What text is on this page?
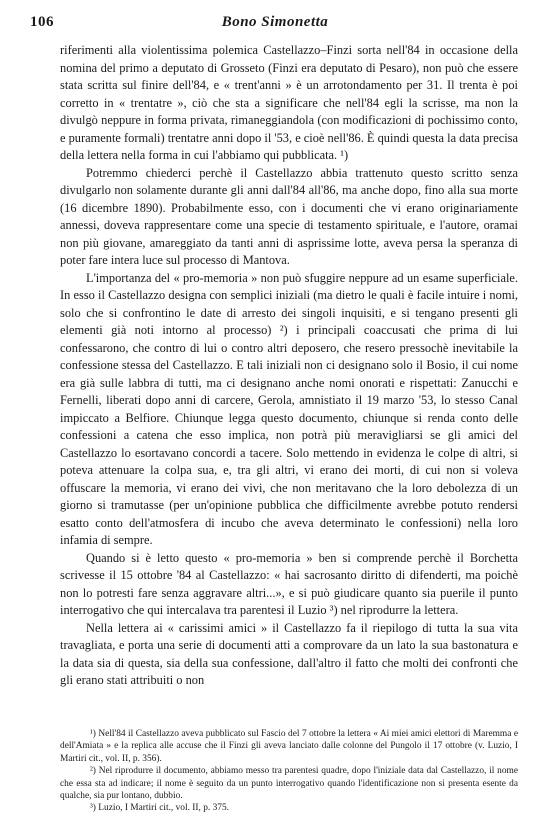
106	Bono Simonetta

riferimenti alla violentissima polemica Castellazzo–Finzi sorta nell'84 in occasione della nomina del primo a deputato di Grosseto (Finzi era deputato di Pesaro), non può che essere stata scritta sul finire dell'84, e « trent'anni » è un arrotondamento per 31. Il trenta è poi corretto in « trentatre », ciò che sta a significare che nell'84 egli la scrisse, ma non la divulgò neppure in forma privata, rimaneggiandola (con modificazioni di pochissimo conto, e puramente formali) trentatre anni dopo il '53, e cioè nell'86. È quindi questa la data precisa della lettera nella forma in cui l'abbiamo qui pubblicata. ¹)

Potremmo chiederci perchè il Castellazzo abbia trattenuto questo scritto senza divulgarlo non solamente durante gli anni dall'84 all'86, ma anche dopo, fino alla sua morte (16 dicembre 1890). Probabilmente esso, con i documenti che vi erano originariamente annessi, doveva rappresentare come una specie di testamento spirituale, e l'autore, oramai non più giovane, amareggiato da tanti anni di asprissime lotte, aveva persa la speranza di poter fare intera luce sul processo di Mantova.

L'importanza del « pro-memoria » non può sfuggire neppure ad un esame superficiale. In esso il Castellazzo designa con semplici iniziali (ma dietro le quali è facile intuire i nomi, solo che si confrontino le date di arresto dei singoli inquisiti, e si tengano presenti gli elementi già noti intorno al processo) ²) i principali coaccusati che prima di lui confessarono, che contro di lui o contro altri deposero, che resero pressochè inevitabile la confessione stessa del Castellazzo. E tali iniziali non ci designano solo il Bosio, il cui nome era già sulle labbra di tutti, ma ci designano anche nomi onorati e rispettati: Zanucchi e Fernelli, liberati dopo anni di carcere, Gerola, amnistiato il 19 marzo '53, lo stesso Canal impiccato a Belfiore. Chiunque legga questo documento, chiunque si renda conto delle confessioni a catena che esso implica, non potrà più meravigliarsi se gli amici del Castellazzo lo esortavano concordi a tacere. Solo mettendo in evidenza le colpe di altri, si poteva attenuare la colpa sua, e, tra gli altri, vi erano dei morti, di cui non si voleva offuscare la memoria, vi erano dei vivi, che non meritavano che la loro debolezza di un giorno si tramutasse (per un'opinione pubblica che difficilmente avrebbe potuto rendersi esatto conto dell'atmosfera di incubo che aveva determinato le confessioni) nella loro infamia di sempre.

Quando si è letto questo « pro-memoria » ben si comprende perchè il Borchetta scrivesse il 15 ottobre '84 al Castellazzo: « hai sacrosanto diritto di difenderti, ma poichè non lo potresti fare senza aggravare altri...», e si può giudicare quanto sia puerile il punto interrogativo che qui intercalava tra parentesi il Luzio ³) nel riprodurre la lettera.

Nella lettera ai « carissimi amici » il Castellazzo fa il riepilogo di tutta la sua vita travagliata, e porta una serie di documenti atti a comprovare da un lato la sua bastonatura e la data sia di questa, sia della sua confessione, dall'altro il fatto che molti dei confronti che gli erano stati attribuiti o non

¹) Nell'84 il Castellazzo aveva pubblicato sul Fascio del 7 ottobre la lettera « Ai miei amici elettori di Maremma e dell'Amiata » e la replica alle accuse che il Finzi gli aveva lanciato dalle colonne del Pungolo il 17 ottobre (v. Luzio, I Martiri cit., vol. II, p. 356).

²) Nel riprodurre il documento, abbiamo messo tra parentesi quadre, dopo l'iniziale data dal Castellazzo, il nome che essa sta ad indicare; il nome è seguito da un punto interrogativo quando l'identificazione non si presenta esente da qualche, sia pur lontano, dubbio.

³) Luzio, I Martiri cit., vol. II, p. 375.
